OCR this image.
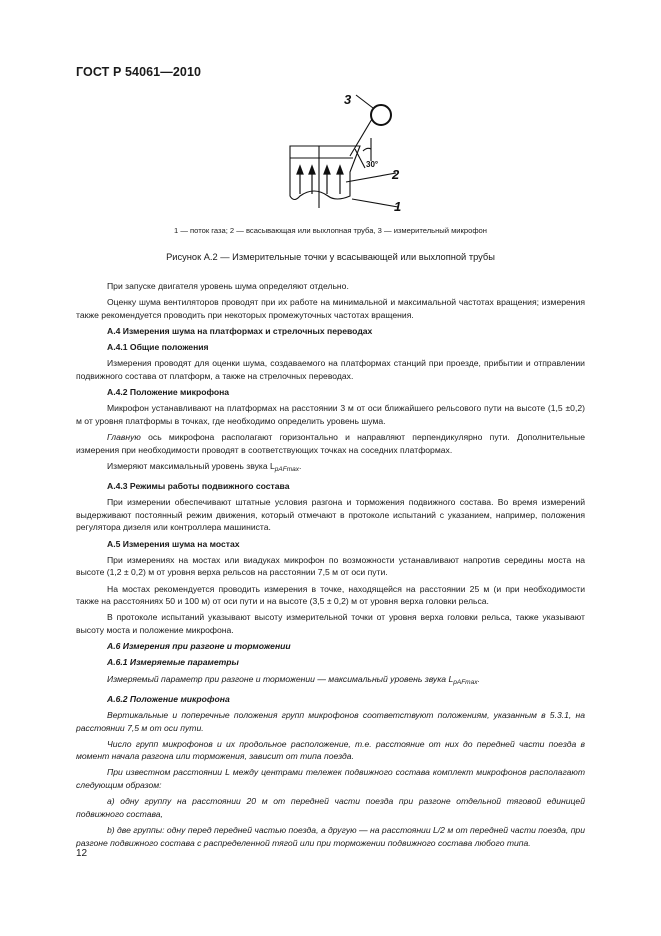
ГОСТ Р 54061—2010
3
2
1
30°
1 — поток газа; 2 — всасывающая или выхлопная труба, 3 — измерительный микрофон
Рисунок А.2 — Измерительные точки у всасывающей или выхлопной трубы

При запуске двигателя уровень шума определяют отдельно.

Оценку шума вентиляторов проводят при их работе на минимальной и максимальной частотах вращения; измерения также рекомендуется проводить при некоторых промежуточных частотах вращения.

А.4 Измерения шума на платформах и стрелочных переводах

А.4.1 Общие положения

Измерения проводят для оценки шума, создаваемого на платформах станций при проезде, прибытии и отправлении подвижного состава от платформ, а также на стрелочных переводах.

А.4.2 Положение микрофона

Микрофон устанавливают на платформах на расстоянии 3 м от оси ближайшего рельсового пути на высоте (1,5 ±0,2) м от уровня платформы в точках, где необходимо определить уровень шума.

Главную ось микрофона располагают горизонтально и направляют перпендикулярно пути. Дополнительные измерения при необходимости проводят в соответствующих точках на соседних платформах.

Измеряют максимальный уровень звука $L_{pAFmax}$.

А.4.3 Режимы работы подвижного состава

При измерении обеспечивают штатные условия разгона и торможения подвижного состава. Во время измерений выдерживают постоянный режим движения, который отмечают в протоколе испытаний с указанием, например, положения регулятора дизеля или контроллера машиниста.

А.5 Измерения шума на мостах

При измерениях на мостах или виадуках микрофон по возможности устанавливают напротив середины моста на высоте (1,2 ± 0,2) м от уровня верха рельсов на расстоянии 7,5 м от оси пути.

На мостах рекомендуется проводить измерения в точке, находящейся на расстоянии 25 м (и при необходимости также на расстояниях 50 и 100 м) от оси пути и на высоте (3,5 ± 0,2) м от уровня верха головки рельса.

В протоколе испытаний указывают высоту измерительной точки от уровня верха головки рельса, также указывают высоту моста и положение микрофона.

А.6 Измерения при разгоне и торможении

А.6.1 Измеряемые параметры

Измеряемый параметр при разгоне и торможении — максимальный уровень звука $L_{pAFmax}$.

А.6.2 Положение микрофона

Вертикальные и поперечные положения групп микрофонов соответствуют положениям, указанным в 5.3.1, на расстоянии 7,5 м от оси пути.

Число групп микрофонов и их продольное расположение, т.е. расстояние от них до передней части поезда в момент начала разгона или торможения, зависит от типа поезда.

При известном расстоянии L между центрами тележек подвижного состава комплект микрофонов располагают следующим образом:

а) одну группу на расстоянии 20 м от передней части поезда при разгоне отдельной тяговой единицей подвижного состава,

b) две группы: одну перед передней частью поезда, а другую — на расстоянии L/2 м от передней части поезда, при разгоне подвижного состава с распределенной тягой или при торможении подвижного состава любого типа.

12
